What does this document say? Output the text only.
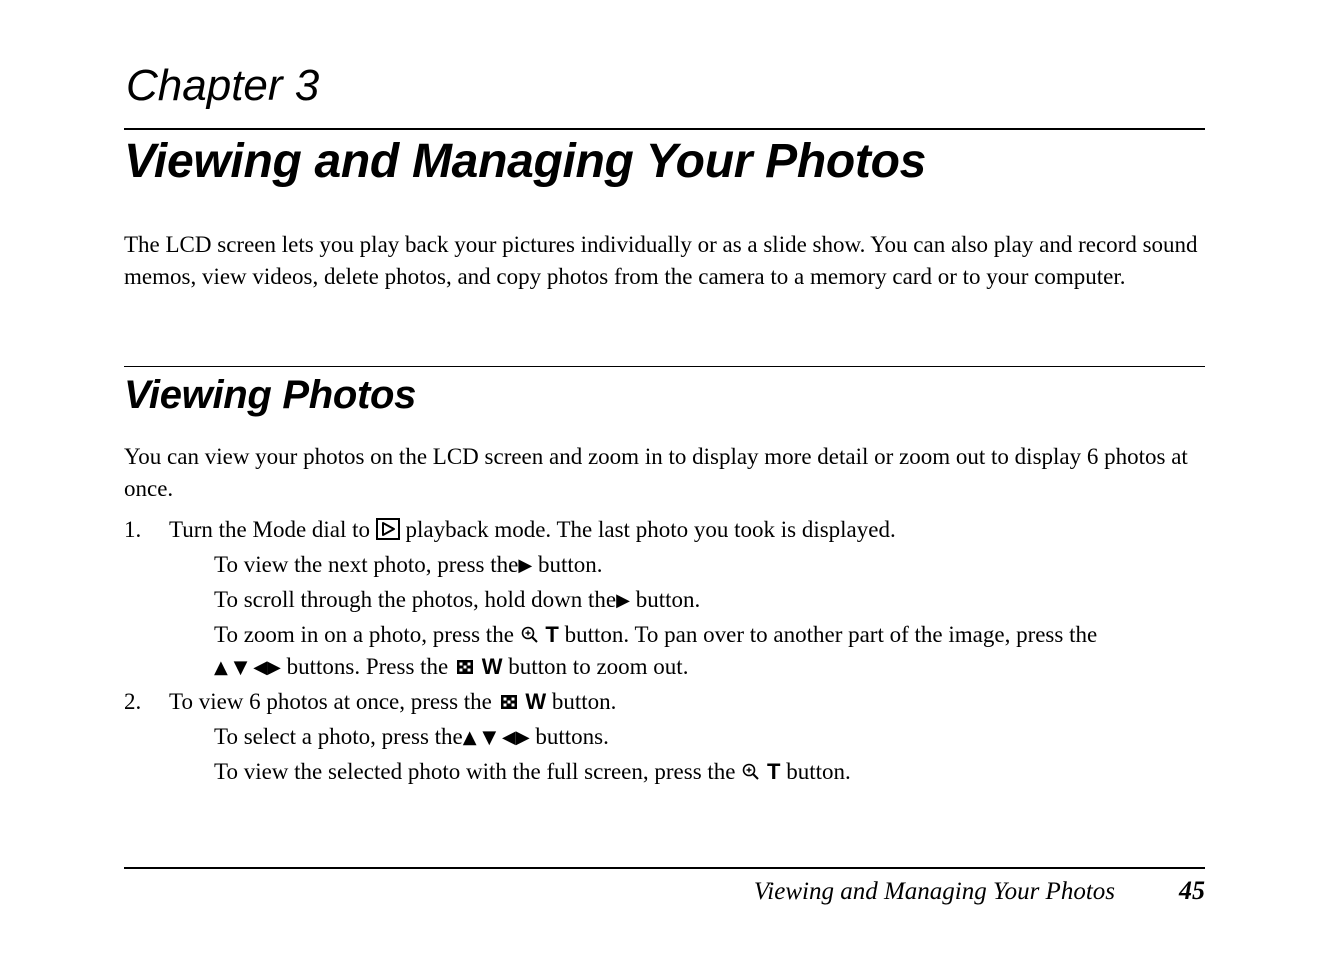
Chapter 3
Viewing and Managing Your Photos

The LCD screen lets you play back your pictures individually or as a slide show. You can also play and record sound memos, view videos, delete photos, and copy photos from the camera to a memory card or to your computer.

Viewing Photos

You can view your photos on the LCD screen and zoom in to display more detail or zoom out to display 6 photos at once.

1. Turn the Mode dial to playback mode. The last photo you took is displayed.

To view the next photo, press the▶ button.

To scroll through the photos, hold down the▶ button.

To zoom in on a photo, press the T button. To pan over to another part of the image, press the

▲ ▼ ◀▶ buttons. Press the W button to zoom out.

2. To view 6 photos at once, press the W button.

To select a photo, press the▲ ▼ ◀▶ buttons.

To view the selected photo with the full screen, press the T button.

Viewing and Managing Your Photos 45
